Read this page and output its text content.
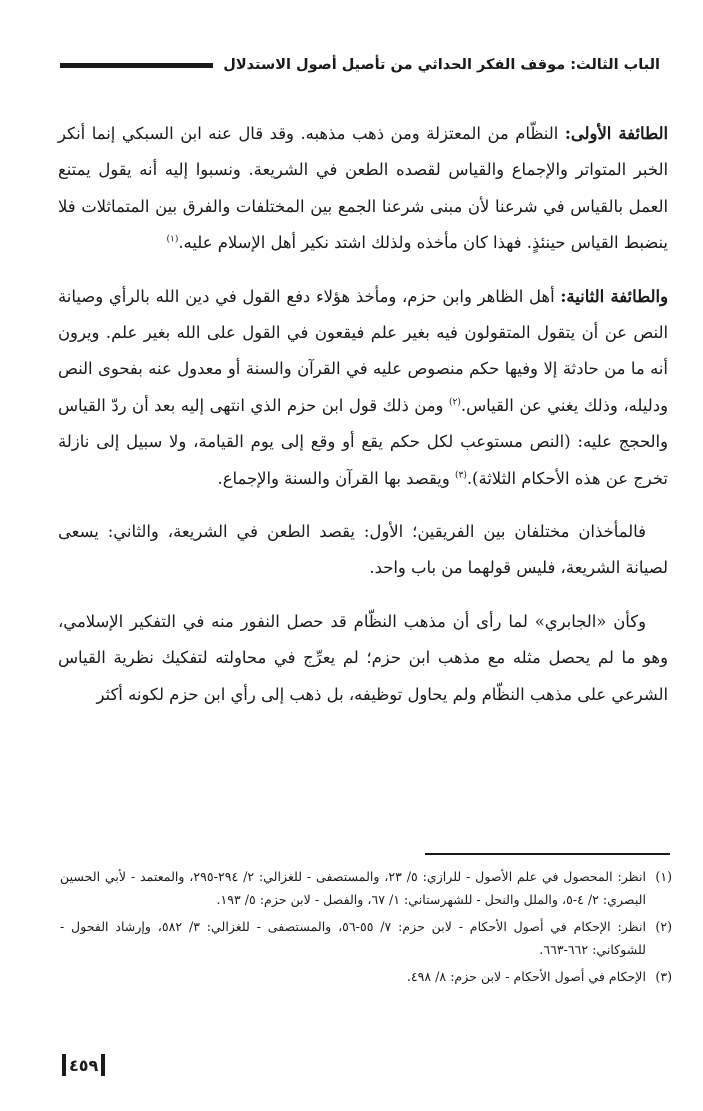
الباب الثالث: موقف الفكر الحداثي من تأصيل أصول الاستدلال

الطائفة الأولى: النظّام من المعتزلة ومن ذهب مذهبه. وقد قال عنه ابن السبكي إنما أنكر الخبر المتواتر والإجماع والقياس لقصده الطعن في الشريعة. ونسبوا إليه أنه يقول يمتنع العمل بالقياس في شرعنا لأن مبنى شرعنا الجمع بين المختلفات والفرق بين المتماثلات فلا ينضبط القياس حينئذٍ. فهذا كان مأخذه ولذلك اشتد نكير أهل الإسلام عليه.$^{(١)}$

والطائفة الثانية: أهل الظاهر وابن حزم، ومأخذ هؤلاء دفع القول في دين الله بالرأي وصيانة النص عن أن يتقول المتقولون فيه بغير علم فيقعون في القول على الله بغير علم. ويرون أنه ما من حادثة إلا وفيها حكم منصوص عليه في القرآن والسنة أو معدول عنه بفحوى النص ودليله، وذلك يغني عن القياس.$^{(٢)}$ ومن ذلك قول ابن حزم الذي انتهى إليه بعد أن ردّ القياس والحجج عليه: (النص مستوعب لكل حكم يقع أو وقع إلى يوم القيامة، ولا سبيل إلى نازلة تخرج عن هذه الأحكام الثلاثة).$^{(٣)}$ ويقصد بها القرآن والسنة والإجماع.

فالمأخذان مختلفان بين الفريقين؛ الأول: يقصد الطعن في الشريعة، والثاني: يسعى لصيانة الشريعة، فليس قولهما من باب واحد.

وكأن «الجابري» لما رأى أن مذهب النظّام قد حصل النفور منه في التفكير الإسلامي، وهو ما لم يحصل مثله مع مذهب ابن حزم؛ لم يعرِّج في محاولته لتفكيك نظرية القياس الشرعي على مذهب النظّام ولم يحاول توظيفه، بل ذهب إلى رأي ابن حزم لكونه أكثر

(١)
انظر: المحصول في علم الأصول - للرازي: ٥/ ٢٣، والمستصفى - للغزالي: ٢/ ٢٩٤-٢٩٥، والمعتمد - لأبي الحسين البصري: ٢/ ٤-٥، والملل والنحل - للشهرستاني: ١/ ٦٧، والفصل - لابن حزم: ٥/ ١٩٣.
(٢)
انظر: الإحكام في أصول الأحكام - لابن حزم: ٧/ ٥٥-٥٦، والمستصفى - للغزالي: ٣/ ٥٨٢، وإرشاد الفحول - للشوكاني: ٦٦٢-٦٦٣.
(٣)
الإحكام في أصول الأحكام - لابن حزم: ٨/ ٤٩٨.
٤٥٩
